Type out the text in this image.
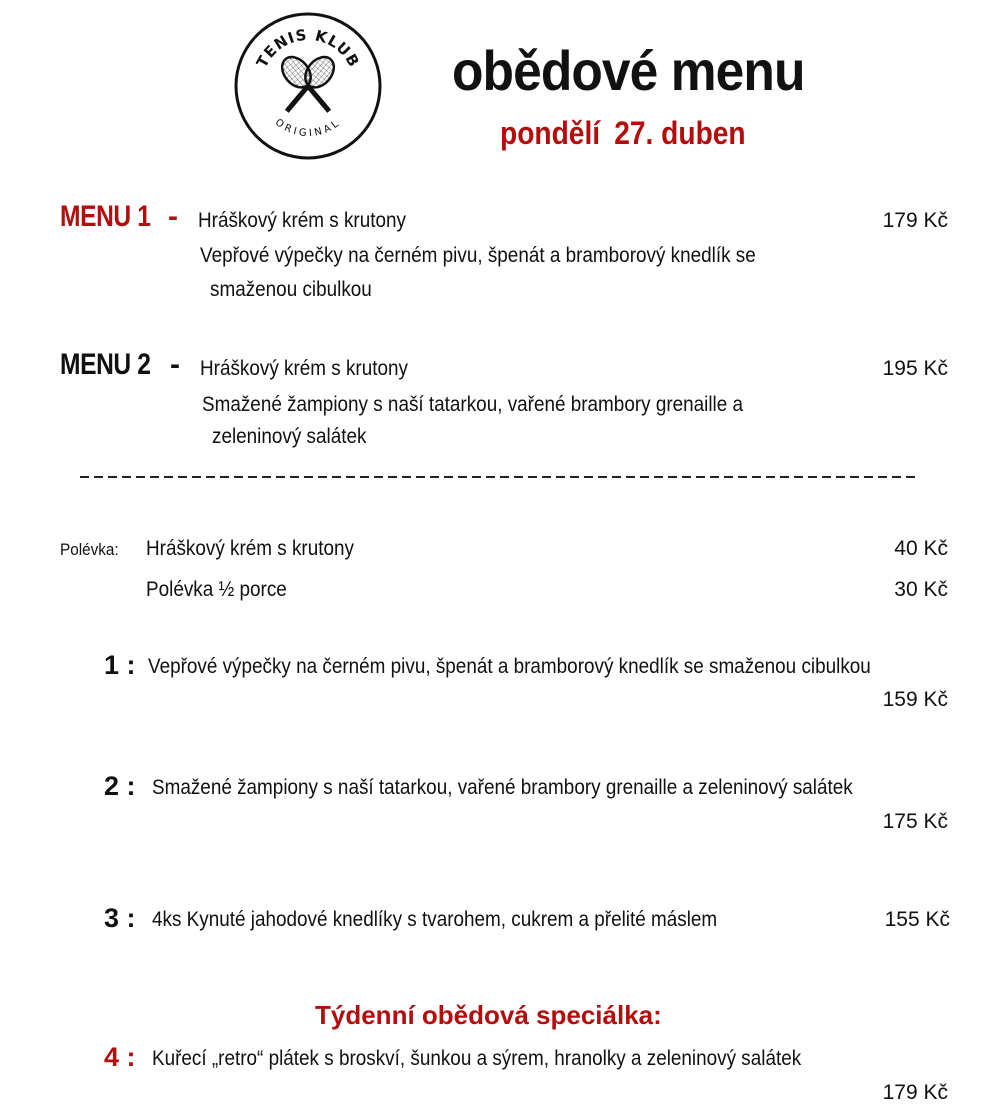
TENIS KLUB
ORIGINAL
obědové menu
pondělí 27. duben
MENU 1 - Hráškový krém s krutony	179 Kč
Vepřové výpečky na černém pivu, špenát a bramborový knedlík se
smaženou cibulkou
MENU 2 - Hráškový krém s krutony	195 Kč
Smažené žampiony s naší tatarkou, vařené brambory grenaille a
zeleninový salátek
Polévka: Hráškový krém s krutony	40 Kč
Polévka ½ porce	30 Kč
1 : Vepřové výpečky na černém pivu, špenát a bramborový knedlík se smaženou cibulkou
159 Kč
2 : Smažené žampiony s naší tatarkou, vařené brambory grenaille a zeleninový salátek
175 Kč
3 : 4ks Kynuté jahodové knedlíky s tvarohem, cukrem a přelité máslem	155 Kč
Týdenní obědová speciálka:
4 : Kuřecí „retro“ plátek s broskví, šunkou a sýrem, hranolky a zeleninový salátek
179 Kč
